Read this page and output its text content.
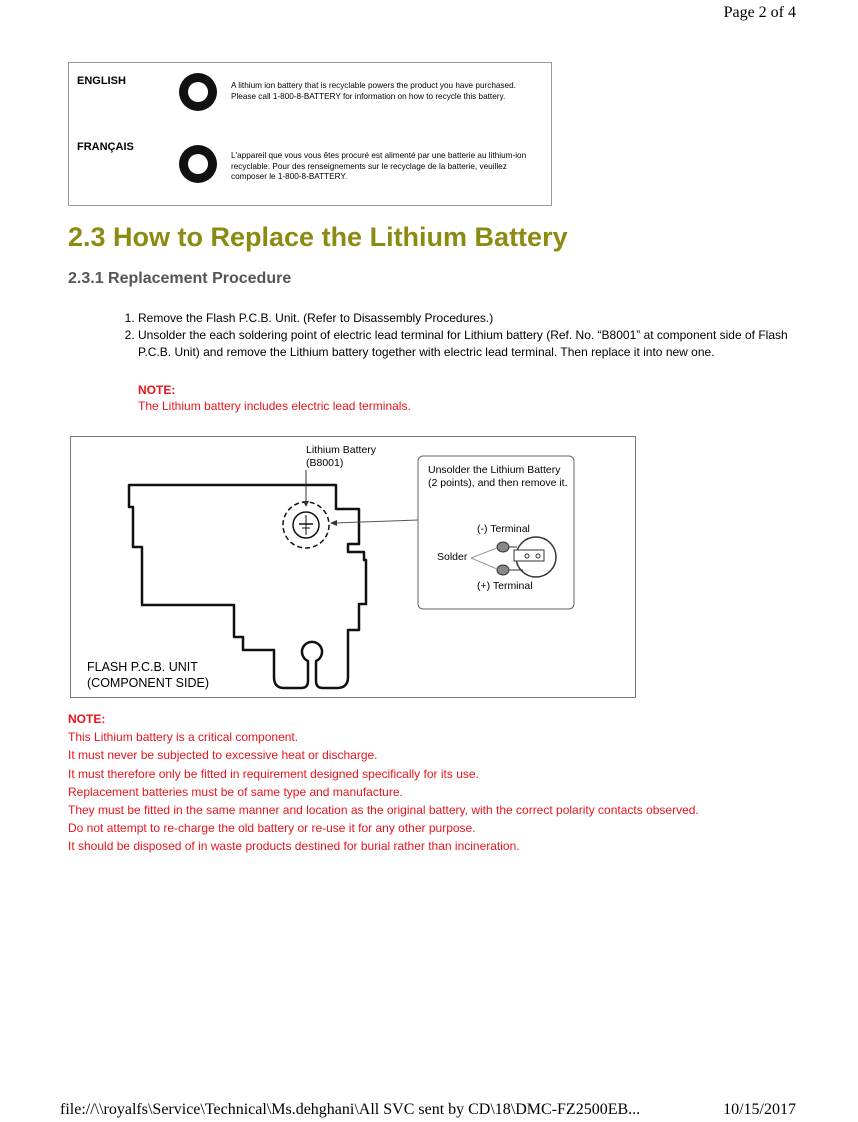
Page 2 of 4
ENGLISH	A lithium ion battery that is recyclable powers the product you have purchased. Please call 1-800-8-BATTERY for information on how to recycle this battery.
FRANÇAIS
L'appareil que vous vous êtes procuré est alimenté par une batterie au lithium-ion recyclable. Pour des renseignements sur le recyclage de la batterie, veuillez composer le 1-800-8-BATTERY.
2.3 How to Replace the Lithium Battery
2.3.1 Replacement Procedure
1. Remove the Flash P.C.B. Unit. (Refer to Disassembly Procedures.)
2. Unsolder the each soldering point of electric lead terminal for Lithium battery (Ref. No. “B8001” at component side of Flash P.C.B. Unit) and remove the Lithium battery together with electric lead terminal. Then replace it into new one.
NOTE:
The Lithium battery includes electric lead terminals.
Lithium Battery
(B8001)
Unsolder the Lithium Battery
(2 points), and then remove it.
(-) Terminal
(+) Terminal
Solder
FLASH P.C.B. UNIT
(COMPONENT SIDE)
NOTE:
This Lithium battery is a critical component.
It must never be subjected to excessive heat or discharge.
It must therefore only be fitted in requirement designed specifically for its use.
Replacement batteries must be of same type and manufacture.
They must be fitted in the same manner and location as the original battery, with the correct polarity contacts observed.
Do not attempt to re-charge the old battery or re-use it for any other purpose.
It should be disposed of in waste products destined for burial rather than incineration.
file://\\royalfs\Service\Technical\Ms.dehghani\All SVC sent by CD\18\DMC-FZ2500EB...	10/15/2017
